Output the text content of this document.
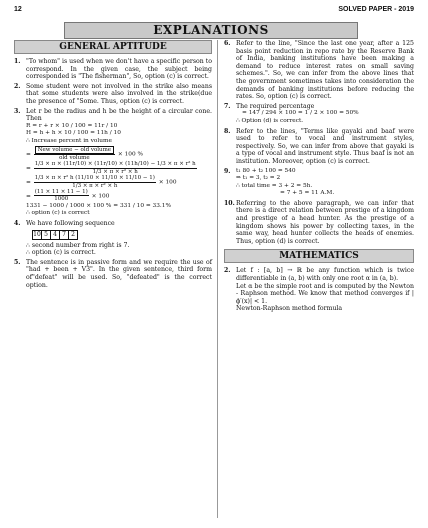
12	SOLVED PAPER - 2019
EXPLANATIONS
GENERAL APTITUDE
1. "To whom" is used when we don't have a specific person to correspond. In the given case, the subject being corresponded is "The fisherman", So, option (c) is correct.
2. Some student were not involved in the strike also means that some students were also involved in the strike(due the presence of "Some. Thus, option (c) is correct.
3. Let r be the radius and h be the height of a circular cone. Then
R = r + r × 10 / 100 = 11r / 10
H = h + h × 10 / 100 = 11h / 10
∴ Increase percent in volume
= $\frac{\text{New volume − old volume}}{\text{old volume}} \times 100$ %
= $\frac{\text{1/3 × π × (11r/10) × (11r/10) × (11h/10) − 1/3 × π × r² h}}{\text{1/3 × π × r² × h}}$
= $\frac{\text{1/3 × π × r² h (11/10 × 11/10 × 11/10 − 1)}}{\text{1/3 × π × r² × h}} \times 100$
= $\frac{(11 \times 11 \times 11 - 1)}{1000} \times 100$
1331 − 1000 / 1000 × 100 % = 331 / 10 = 33.1%
∴ option (c) is correct
4. We have following sequence
10 5 4 7 2
∴ second number from right is 7.
∴ option (c) is correct.
5. The sentence is in passive form and we require the use of "had + been + V3". In the given sentence, third form of"defeat" will be used. So, "defeated" is the correct option.
6. Refer to the line, "Since the last one year, after a 125 basis point reduction in repo rate by the Reserve Bank of India, banking institutions have been making a demand to reduce interest rates on small saving schemes.". So, we can infer from the above lines that the government sometimes takes into consideration the demands of banking institutions before reducing the rates. So, option (c) is correct.
7. The required percentage
= 147 / 294 × 100 = 1 / 2 × 100 = 50%
∴ Option (d) is correct.
8. Refer to the lines, "Terms like gayaki and baaf were used to refer to vocal and instrument styles, respectively. So, we can infer from above that gayaki is a type of vocal and instrument style. Thus baaf is not an institution. Moreover, option (c) is correct.
9. t₁ 80 + t₂ 100 = 540
⇒ t₁ = 3, t₂ = 2
∴ total time = 3 + 2 = 5h.
= 7 + 5 = 11 A.M.
10. Referring to the above paragraph, we can infer that there is a direct relation between prestige of a kingdom and prestige of a head hunter. As the prestige of a kingdom shows his power by collecting taxes, in the same way, head hunter collects the heads of enemies. Thus, option (d) is correct.
MATHEMATICS
2. Let f : [a, b] → ℝ be any function which is twice differentiable in (a, b) with only one root α in (a, b).
Let α be the simple root and is computed by the Newton - Raphson method. We know that method converges if |ϕ′(x)| < 1.
Newton-Raphson method formula
